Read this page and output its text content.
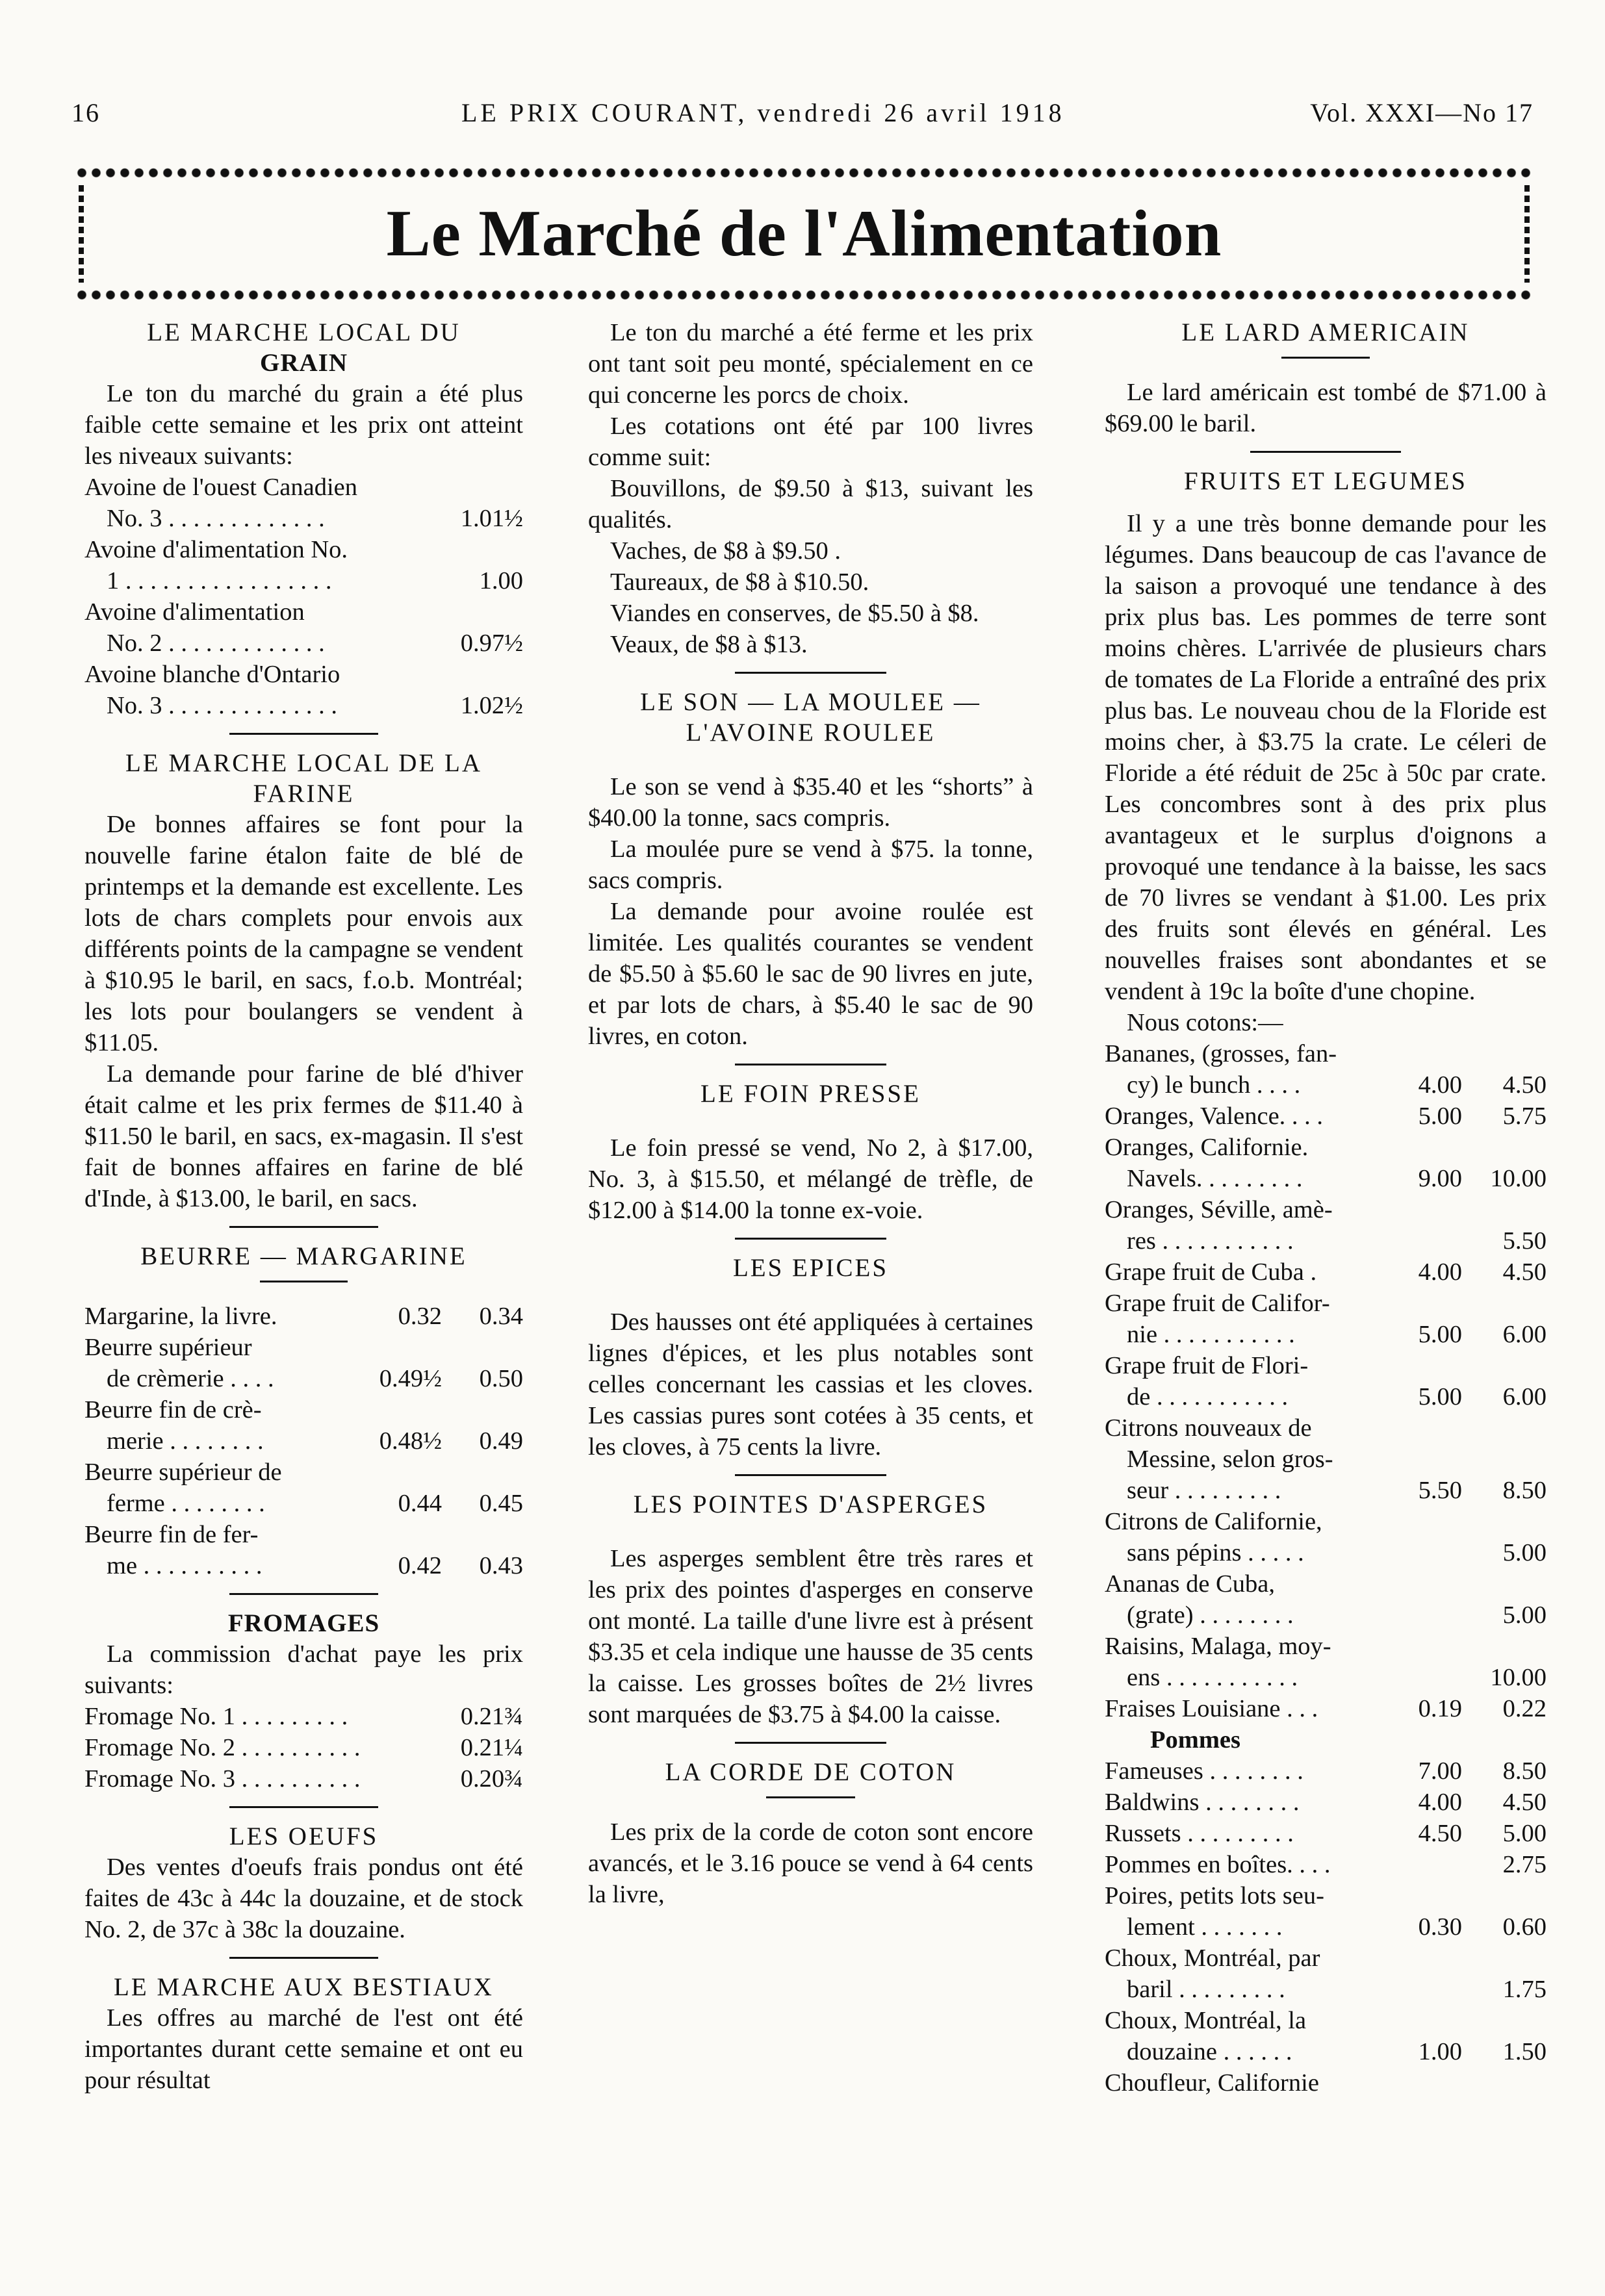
16	LE PRIX COURANT, vendredi 26 avril 1918	Vol. XXXI—No 17
Le Marché de l'Alimentation
LE MARCHE LOCAL DU
GRAIN

Le ton du marché du grain a été plus faible cette semaine et les prix ont atteint les niveaux suivants:

Avoine de l'ouest Canadien
No. 3 . . . . . . . . . . . . .	1.01½
Avoine d'alimentation No.
1 . . . . . . . . . . . . . . . . .	1.00
Avoine d'alimentation
No. 2 . . . . . . . . . . . . .	0.97½
Avoine blanche d'Ontario
No. 3 . . . . . . . . . . . . . .	1.02½
LE MARCHE LOCAL DE LA
FARINE

De bonnes affaires se font pour la nouvelle farine étalon faite de blé de printemps et la demande est excellente. Les lots de chars complets pour envois aux différents points de la campagne se vendent à $10.95 le baril, en sacs, f.o.b. Montréal; les lots pour boulangers se vendent à $11.05.

La demande pour farine de blé d'hiver était calme et les prix fermes de $11.40 à $11.50 le baril, en sacs, ex-magasin. Il s'est fait de bonnes affaires en farine de blé d'Inde, à $13.00, le baril, en sacs.

BEURRE — MARGARINE
Margarine, la livre.	0.32	0.34
Beurre supérieur		
de crèmerie . . . .	0.49½	0.50
Beurre fin de crè-		
merie . . . . . . . .	0.48½	0.49
Beurre supérieur de		
ferme . . . . . . . .	0.44	0.45
Beurre fin de fer-		
me . . . . . . . . . .	0.42	0.43
FROMAGES

La commission d'achat paye les prix suivants:

Fromage No. 1 . . . . . . . . .	0.21¾
Fromage No. 2 . . . . . . . . . .	0.21¼
Fromage No. 3 . . . . . . . . . .	0.20¾
LES OEUFS

Des ventes d'oeufs frais pondus ont été faites de 43c à 44c la douzaine, et de stock No. 2, de 37c à 38c la douzaine.

LE MARCHE AUX BESTIAUX

Les offres au marché de l'est ont été importantes durant cette semaine et ont eu pour résultat

Le ton du marché a été ferme et les prix ont tant soit peu monté, spécialement en ce qui concerne les porcs de choix.

Les cotations ont été par 100 livres comme suit:

Bouvillons, de $9.50 à $13, suivant les qualités.

Vaches, de $8 à $9.50 .

Taureaux, de $8 à $10.50.

Viandes en conserves, de $5.50 à $8.

Veaux, de $8 à $13.

LE SON — LA MOULEE —
L'AVOINE ROULEE

Le son se vend à $35.40 et les “shorts” à $40.00 la tonne, sacs compris.

La moulée pure se vend à $75. la tonne, sacs compris.

La demande pour avoine roulée est limitée. Les qualités courantes se vendent de $5.50 à $5.60 le sac de 90 livres en jute, et par lots de chars, à $5.40 le sac de 90 livres, en coton.

LE FOIN PRESSE

Le foin pressé se vend, No 2, à $17.00, No. 3, à $15.50, et mélangé de trèfle, de $12.00 à $14.00 la tonne ex-voie.

LES EPICES

Des hausses ont été appliquées à certaines lignes d'épices, et les plus notables sont celles concernant les cassias et les cloves. Les cassias pures sont cotées à 35 cents, et les cloves, à 75 cents la livre.

LES POINTES D'ASPERGES

Les asperges semblent être très rares et les prix des pointes d'asperges en conserve ont monté. La taille d'une livre est à présent $3.35 et cela indique une hausse de 35 cents la caisse. Les grosses boîtes de 2½ livres sont marquées de $3.75 à $4.00 la caisse.

LA CORDE DE COTON

Les prix de la corde de coton sont encore avancés, et le 3.16 pouce se vend à 64 cents la livre,

LE LARD AMERICAIN

Le lard américain est tombé de $71.00 à $69.00 le baril.

FRUITS ET LEGUMES

Il y a une très bonne demande pour les légumes. Dans beaucoup de cas l'avance de la saison a provoqué une tendance à des prix plus bas. Les pommes de terre sont moins chères. L'arrivée de plusieurs chars de tomates de La Floride a entraîné des prix plus bas. Le nouveau chou de la Floride est moins cher, à $3.75 la crate. Le céleri de Floride a été réduit de 25c à 50c par crate. Les concombres sont à des prix plus avantageux et le surplus d'oignons a provoqué une tendance à la baisse, les sacs de 70 livres se vendant à $1.00. Les prix des fruits sont élevés en général. Les nouvelles fraises sont abondantes et se vendent à 19c la boîte d'une chopine.

Nous cotons:—

Bananes, (grosses, fan-		
cy) le bunch . . . .	4.00	4.50
Oranges, Valence. . . .	5.00	5.75
Oranges, Californie.		
Navels. . . . . . . . .	9.00	10.00
Oranges, Séville, amè-		
res . . . . . . . . . . .		5.50
Grape fruit de Cuba .	4.00	4.50
Grape fruit de Califor-		
nie . . . . . . . . . . .	5.00	6.00
Grape fruit de Flori-		
de . . . . . . . . . . .	5.00	6.00
Citrons nouveaux de		
Messine, selon gros-		
seur . . . . . . . . .	5.50	8.50
Citrons de Californie,		
sans pépins . . . . .		5.00
Ananas de Cuba,		
(grate) . . . . . . . .		5.00
Raisins, Malaga, moy-		
ens . . . . . . . . . . .		10.00
Fraises Louisiane . . .	0.19	0.22
Pommes		
Fameuses . . . . . . . .	7.00	8.50
Baldwins . . . . . . . .	4.00	4.50
Russets . . . . . . . . .	4.50	5.00
Pommes en boîtes. . . .		2.75
Poires, petits lots seu-		
lement . . . . . . .	0.30	0.60
Choux, Montréal, par		
baril . . . . . . . . .		1.75
Choux, Montréal, la		
douzaine . . . . . .	1.00	1.50
Choufleur, Californie		
